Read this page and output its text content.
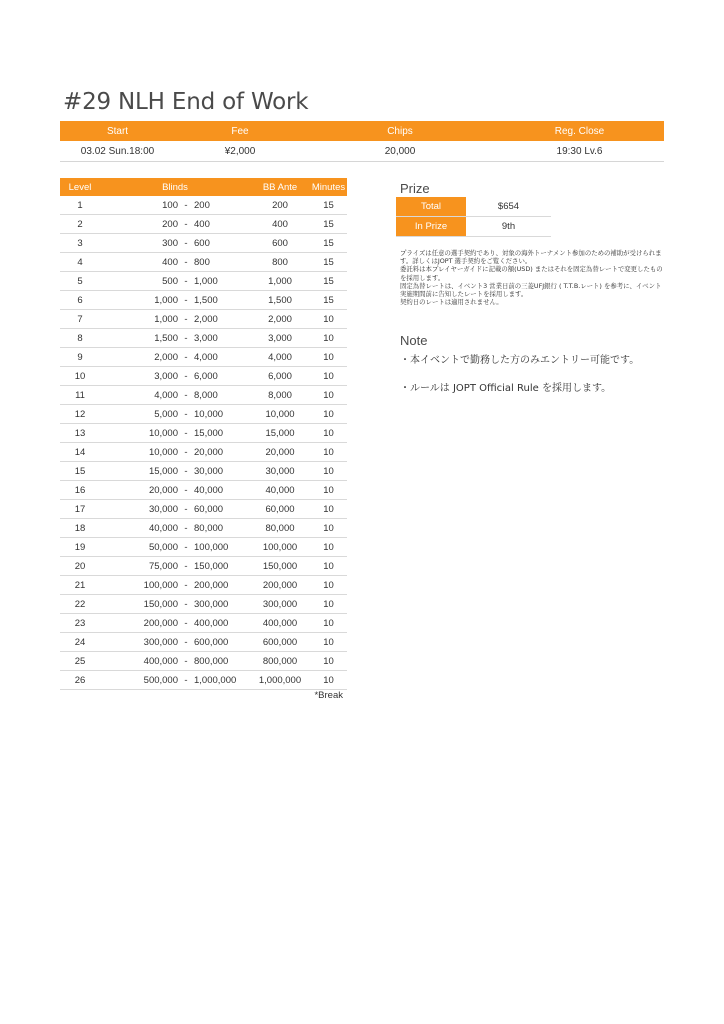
#29 NLH End of Work
Start	Fee	Chips	Reg. Close
03.02 Sun.18:00	¥2,000	20,000	19:30 Lv.6
Level	Blinds	BB Ante	Minutes
1	100 - 200	200	15
2	200 - 400	400	15
3	300 - 600	600	15
4	400 - 800	800	15
5	500 - 1,000	1,000	15
6	1,000 - 1,500	1,500	15
7	1,000 - 2,000	2,000	10
8	1,500 - 3,000	3,000	10
9	2,000 - 4,000	4,000	10
10	3,000 - 6,000	6,000	10
11	4,000 - 8,000	8,000	10
12	5,000 - 10,000	10,000	10
13	10,000 - 15,000	15,000	10
14	10,000 - 20,000	20,000	10
15	15,000 - 30,000	30,000	10
16	20,000 - 40,000	40,000	10
17	30,000 - 60,000	60,000	10
18	40,000 - 80,000	80,000	10
19	50,000 - 100,000	100,000	10
20	75,000 - 150,000	150,000	10
21	100,000 - 200,000	200,000	10
22	150,000 - 300,000	300,000	10
23	200,000 - 400,000	400,000	10
24	300,000 - 600,000	600,000	10
25	400,000 - 800,000	800,000	10
26	500,000 - 1,000,000	1,000,000	10
*Break
Prize
Total	$654
In Prize	9th
プライズは任意の選手契約であり、対象の海外トーナメント参加のための補助が受けられます。詳しくはJOPT 選手契約をご覧ください。
委託料は本プレイヤーガイドに記載の額(USD) またはそれを固定為替レートで変更したものを採用します。
固定為替レートは、イベント3 営業日前の三菱UFJ銀行 ( T.T.B.レート) を参考に、イベント実施期間前に告知したレートを採用します。
契約日のレートは適用されません。
Note
・本イベントで勤務した方のみエントリー可能です。
・ルールは JOPT Official Rule を採用します。
